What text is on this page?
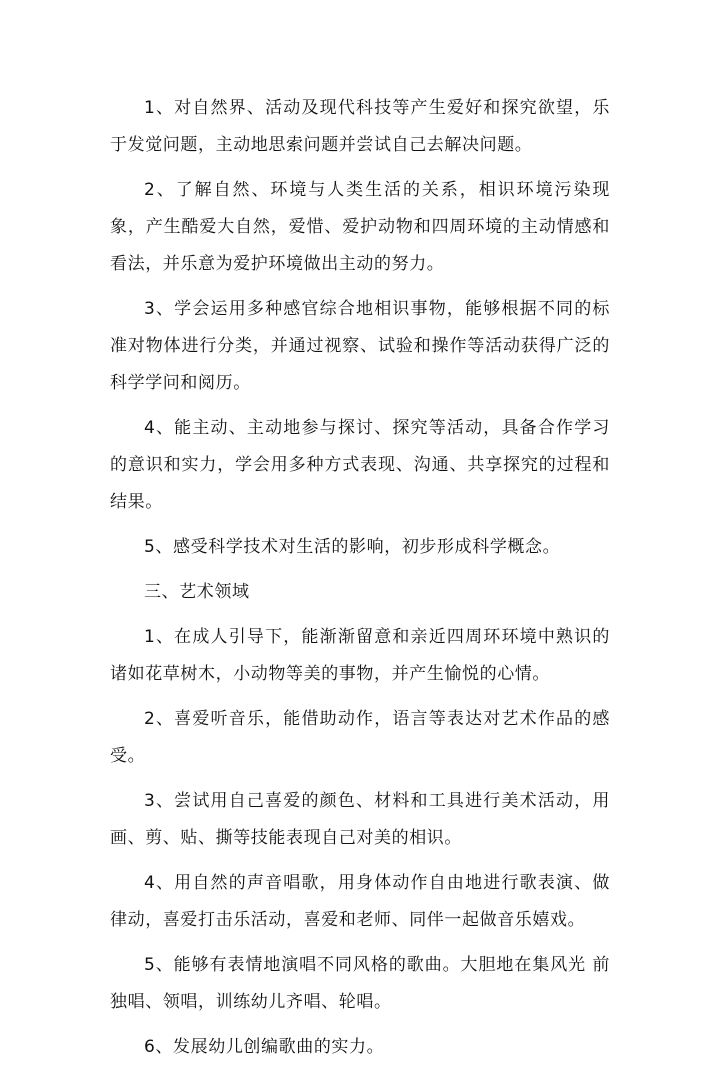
1、对自然界、活动及现代科技等产生爱好和探究欲望，乐于发觉问题，主动地思索问题并尝试自己去解决问题。

2、了解自然、环境与人类生活的关系，相识环境污染现象，产生酷爱大自然，爱惜、爱护动物和四周环境的主动情感和看法，并乐意为爱护环境做出主动的努力。

3、学会运用多种感官综合地相识事物，能够根据不同的标准对物体进行分类，并通过视察、试验和操作等活动获得广泛的科学学问和阅历。

4、能主动、主动地参与探讨、探究等活动，具备合作学习的意识和实力，学会用多种方式表现、沟通、共享探究的过程和结果。

5、感受科学技术对生活的影响，初步形成科学概念。

三、艺术领域

1、在成人引导下，能渐渐留意和亲近四周环环境中熟识的诸如花草树木，小动物等美的事物，并产生愉悦的心情。

2、喜爱听音乐，能借助动作，语言等表达对艺术作品的感受。

3、尝试用自己喜爱的颜色、材料和工具进行美术活动，用画、剪、贴、撕等技能表现自己对美的相识。

4、用自然的声音唱歌，用身体动作自由地进行歌表演、做律动，喜爱打击乐活动，喜爱和老师、同伴一起做音乐嬉戏。

5、能够有表情地演唱不同风格的歌曲。大胆地在集风光 前独唱、领唱，训练幼儿齐唱、轮唱。

6、发展幼儿创编歌曲的实力。
